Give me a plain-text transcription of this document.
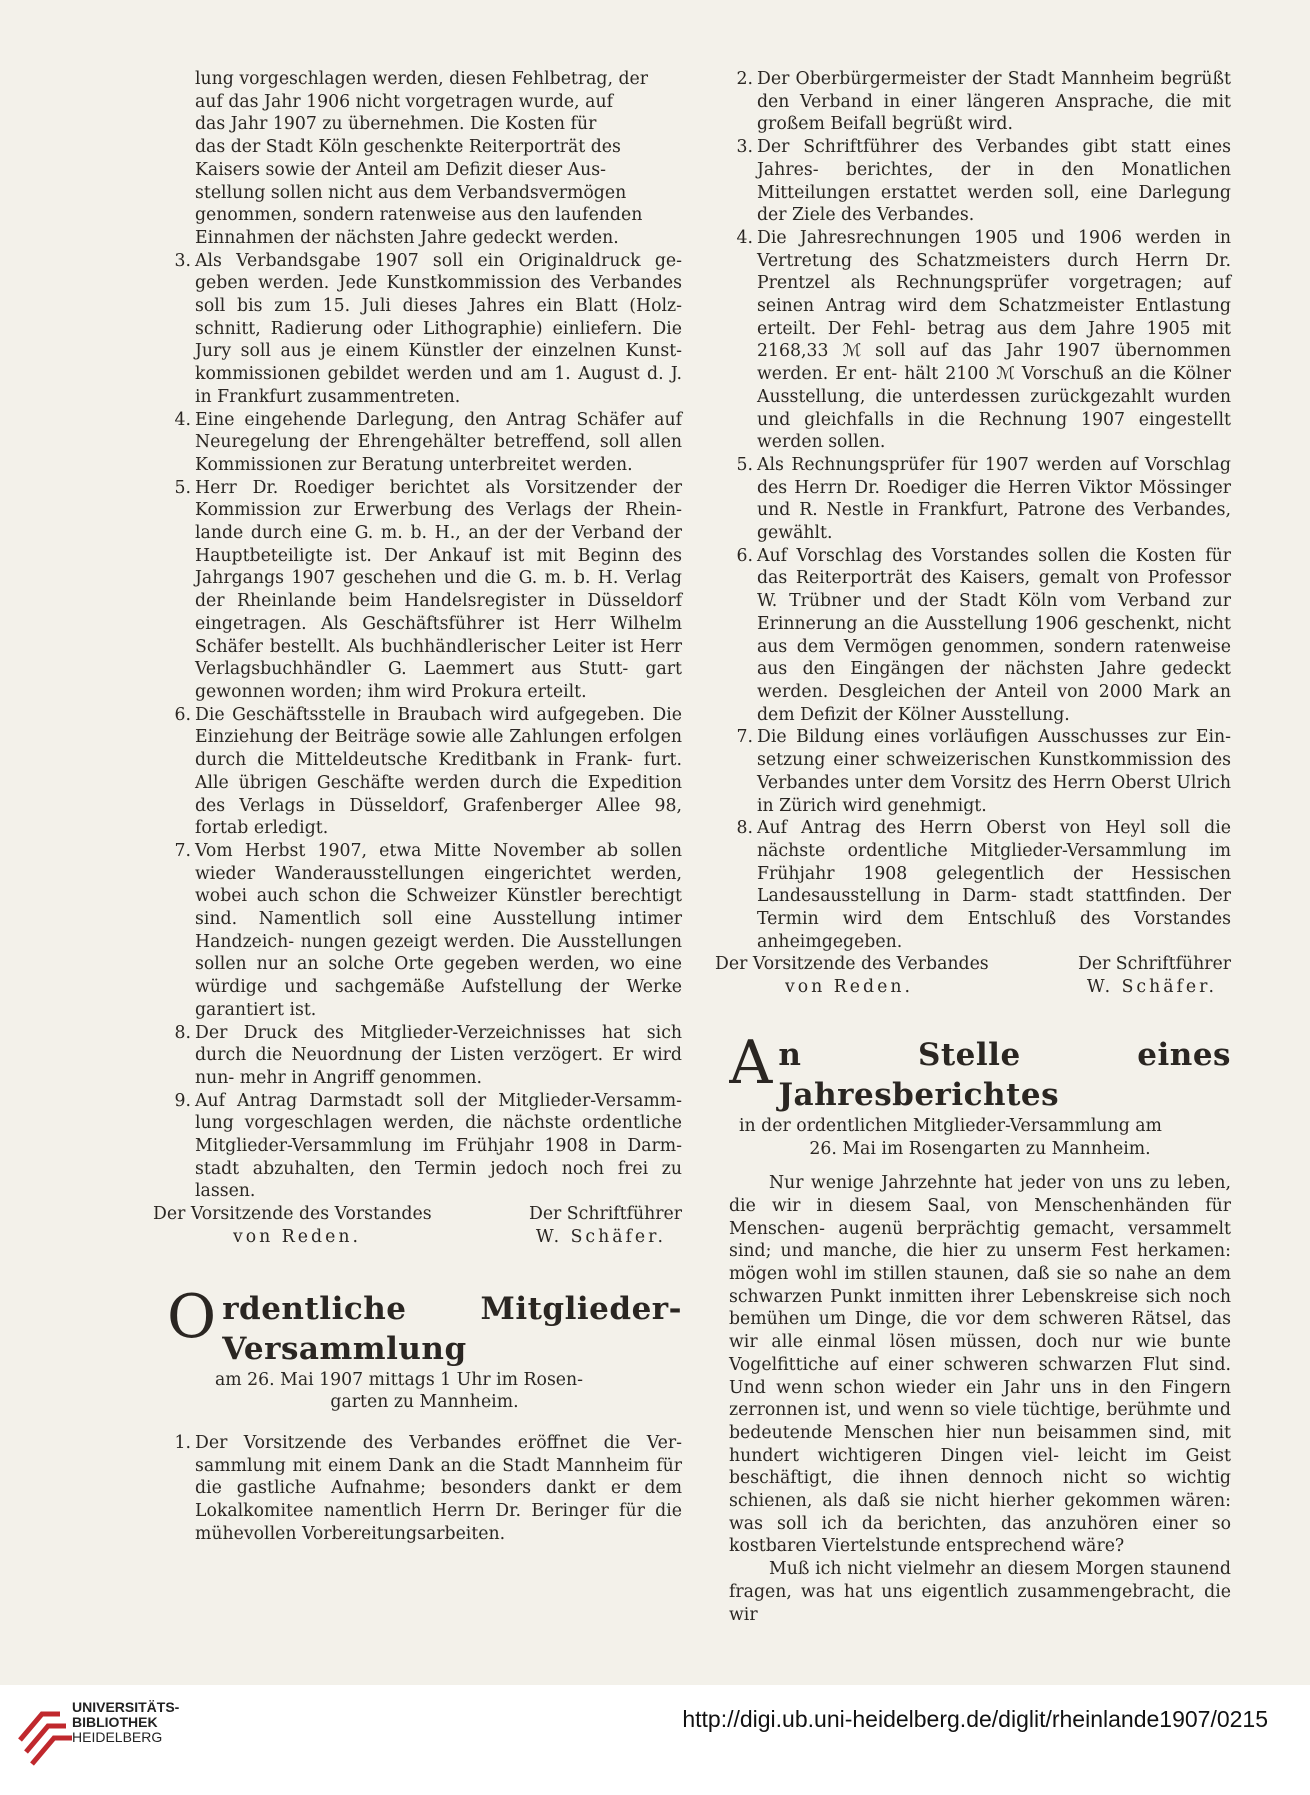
lung vorgeschlagen werden, diesen Fehlbetrag, der
auf das Jahr 1906 nicht vorgetragen wurde, auf
das Jahr 1907 zu übernehmen. Die Kosten für
das der Stadt Köln geschenkte Reiterporträt des
Kaisers sowie der Anteil am Defizit dieser Aus-
stellung sollen nicht aus dem Verbandsvermögen
genommen, sondern ratenweise aus den laufenden
Einnahmen der nächsten Jahre gedeckt werden.
3. Als Verbandsgabe 1907 soll ein Originaldruck ge- geben werden. Jede Kunstkommission des Verbandes soll bis zum 15. Juli dieses Jahres ein Blatt (Holz- schnitt, Radierung oder Lithographie) einliefern. Die Jury soll aus je einem Künstler der einzelnen Kunst- kommissionen gebildet werden und am 1. August d. J. in Frankfurt zusammentreten.
4. Eine eingehende Darlegung, den Antrag Schäfer auf Neuregelung der Ehrengehälter betreffend, soll allen Kommissionen zur Beratung unterbreitet werden.
5. Herr Dr. Roediger berichtet als Vorsitzender der Kommission zur Erwerbung des Verlags der Rhein- lande durch eine G. m. b. H., an der der Verband der Hauptbeteiligte ist. Der Ankauf ist mit Beginn des Jahrgangs 1907 geschehen und die G. m. b. H. Verlag der Rheinlande beim Handelsregister in Düsseldorf eingetragen. Als Geschäftsführer ist Herr Wilhelm Schäfer bestellt. Als buchhändlerischer Leiter ist Herr Verlagsbuchhändler G. Laemmert aus Stutt- gart gewonnen worden; ihm wird Prokura erteilt.
6. Die Geschäftsstelle in Braubach wird aufgegeben. Die Einziehung der Beiträge sowie alle Zahlungen erfolgen durch die Mitteldeutsche Kreditbank in Frank- furt. Alle übrigen Geschäfte werden durch die Expedition des Verlags in Düsseldorf, Grafenberger Allee 98, fortab erledigt.
7. Vom Herbst 1907, etwa Mitte November ab sollen wieder Wanderausstellungen eingerichtet werden, wobei auch schon die Schweizer Künstler berechtigt sind. Namentlich soll eine Ausstellung intimer Handzeich- nungen gezeigt werden. Die Ausstellungen sollen nur an solche Orte gegeben werden, wo eine würdige und sachgemäße Aufstellung der Werke garantiert ist.
8. Der Druck des Mitglieder-Verzeichnisses hat sich durch die Neuordnung der Listen verzögert. Er wird nun- mehr in Angriff genommen.
9. Auf Antrag Darmstadt soll der Mitglieder-Versamm- lung vorgeschlagen werden, die nächste ordentliche Mitglieder-Versammlung im Frühjahr 1908 in Darm- stadt abzuhalten, den Termin jedoch noch frei zu lassen.
Der Vorsitzende des Vorstandes	Der Schriftführer
von Reden.	W. Schäfer.
O rdentliche Mitglieder-Versammlung
am 26. Mai 1907 mittags 1 Uhr im Rosen-
garten zu Mannheim.
1. Der Vorsitzende des Verbandes eröffnet die Ver- sammlung mit einem Dank an die Stadt Mannheim für die gastliche Aufnahme; besonders dankt er dem Lokalkomitee namentlich Herrn Dr. Beringer für die mühevollen Vorbereitungsarbeiten.
2. Der Oberbürgermeister der Stadt Mannheim begrüßt den Verband in einer längeren Ansprache, die mit großem Beifall begrüßt wird.
3. Der Schriftführer des Verbandes gibt statt eines Jahres- berichtes, der in den Monatlichen Mitteilungen erstattet werden soll, eine Darlegung der Ziele des Verbandes.
4. Die Jahresrechnungen 1905 und 1906 werden in Vertretung des Schatzmeisters durch Herrn Dr. Prentzel als Rechnungsprüfer vorgetragen; auf seinen Antrag wird dem Schatzmeister Entlastung erteilt. Der Fehl- betrag aus dem Jahre 1905 mit 2168,33 ℳ soll auf das Jahr 1907 übernommen werden. Er ent- hält 2100 ℳ Vorschuß an die Kölner Ausstellung, die unterdessen zurückgezahlt wurden und gleichfalls in die Rechnung 1907 eingestellt werden sollen.
5. Als Rechnungsprüfer für 1907 werden auf Vorschlag des Herrn Dr. Roediger die Herren Viktor Mössinger und R. Nestle in Frankfurt, Patrone des Verbandes, gewählt.
6. Auf Vorschlag des Vorstandes sollen die Kosten für das Reiterporträt des Kaisers, gemalt von Professor W. Trübner und der Stadt Köln vom Verband zur Erinnerung an die Ausstellung 1906 geschenkt, nicht aus dem Vermögen genommen, sondern ratenweise aus den Eingängen der nächsten Jahre gedeckt werden. Desgleichen der Anteil von 2000 Mark an dem Defizit der Kölner Ausstellung.
7. Die Bildung eines vorläufigen Ausschusses zur Ein- setzung einer schweizerischen Kunstkommission des Verbandes unter dem Vorsitz des Herrn Oberst Ulrich in Zürich wird genehmigt.
8. Auf Antrag des Herrn Oberst von Heyl soll die nächste ordentliche Mitglieder-Versammlung im Frühjahr 1908 gelegentlich der Hessischen Landesausstellung in Darm- stadt stattfinden. Der Termin wird dem Entschluß des Vorstandes anheimgegeben.
Der Vorsitzende des Verbandes	Der Schriftführer
von Reden.	W. Schäfer.
A n Stelle eines Jahresberichtes
in der ordentlichen Mitglieder-Versammlung am
26. Mai im Rosengarten zu Mannheim.

Nur wenige Jahrzehnte hat jeder von uns zu leben, die wir in diesem Saal, von Menschenhänden für Menschen- augenü berprächtig gemacht, versammelt sind; und manche, die hier zu unserm Fest herkamen: mögen wohl im stillen staunen, daß sie so nahe an dem schwarzen Punkt inmitten ihrer Lebenskreise sich noch bemühen um Dinge, die vor dem schweren Rätsel, das wir alle einmal lösen müssen, doch nur wie bunte Vogelfittiche auf einer schweren schwarzen Flut sind. Und wenn schon wieder ein Jahr uns in den Fingern zerronnen ist, und wenn so viele tüchtige, berühmte und bedeutende Menschen hier nun beisammen sind, mit hundert wichtigeren Dingen viel- leicht im Geist beschäftigt, die ihnen dennoch nicht so wichtig schienen, als daß sie nicht hierher gekommen wären: was soll ich da berichten, das anzuhören einer so kostbaren Viertelstunde entsprechend wäre?

Muß ich nicht vielmehr an diesem Morgen staunend fragen, was hat uns eigentlich zusammengebracht, die wir

UNIVERSITÄTS-
BIBLIOTHEK
HEIDELBERG
http://digi.ub.uni-heidelberg.de/diglit/rheinlande1907/0215
